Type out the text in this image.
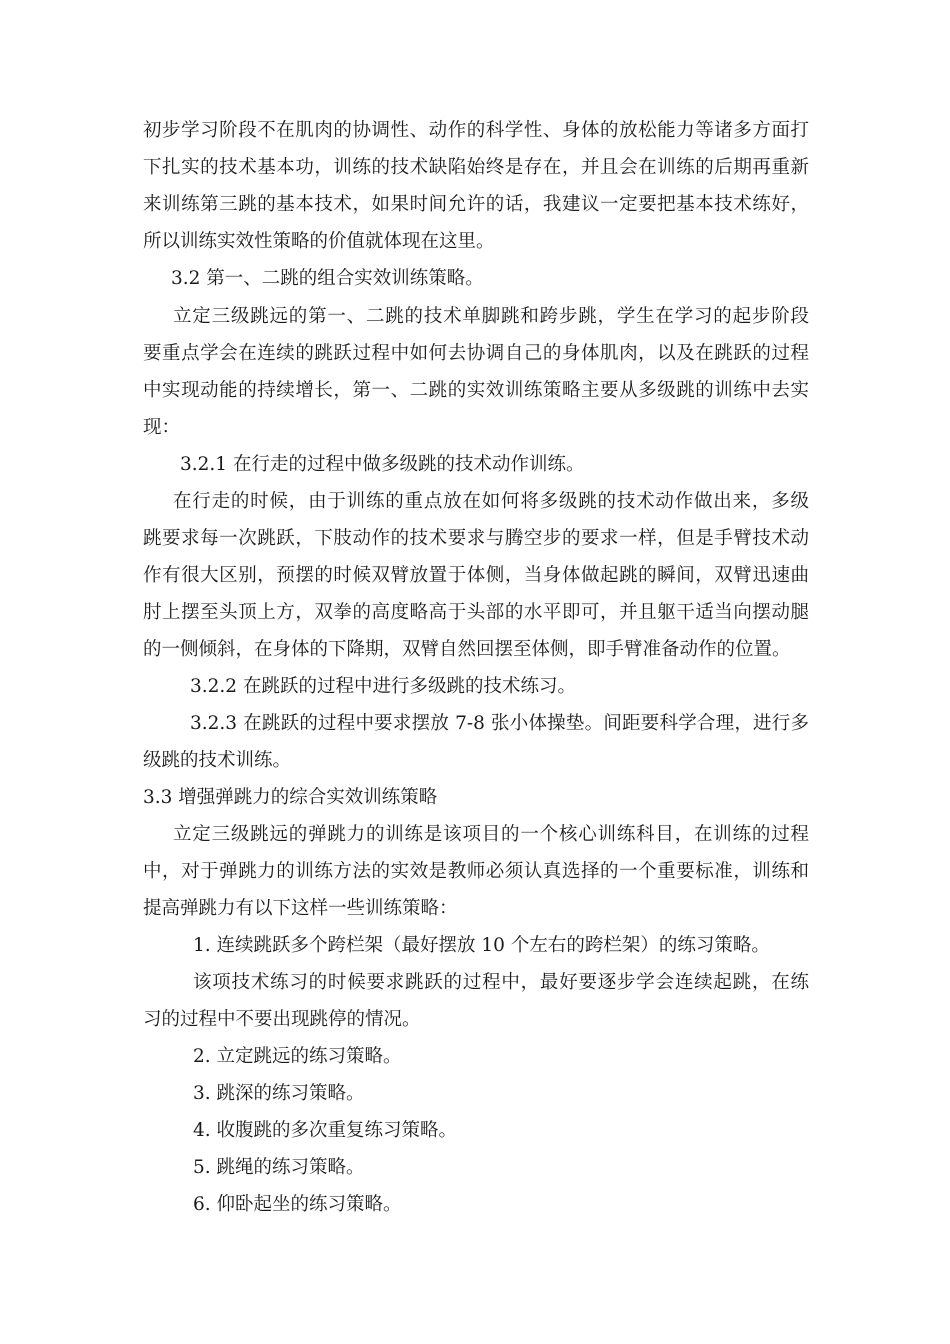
初步学习阶段不在肌肉的协调性、动作的科学性、身体的放松能力等诸多方面打
下扎实的技术基本功，训练的技术缺陷始终是存在，并且会在训练的后期再重新
来训练第三跳的基本技术，如果时间允许的话，我建议一定要把基本技术练好，
所以训练实效性策略的价值就体现在这里。
3.2 第一、二跳的组合实效训练策略。
立定三级跳远的第一、二跳的技术单脚跳和跨步跳，学生在学习的起步阶段
要重点学会在连续的跳跃过程中如何去协调自己的身体肌肉，以及在跳跃的过程
中实现动能的持续增长，第一、二跳的实效训练策略主要从多级跳的训练中去实
现：
3.2.1 在行走的过程中做多级跳的技术动作训练。
在行走的时候，由于训练的重点放在如何将多级跳的技术动作做出来，多级
跳要求每一次跳跃，下肢动作的技术要求与腾空步的要求一样，但是手臂技术动
作有很大区别，预摆的时候双臂放置于体侧，当身体做起跳的瞬间，双臂迅速曲
肘上摆至头顶上方，双拳的高度略高于头部的水平即可，并且躯干适当向摆动腿
的一侧倾斜，在身体的下降期，双臂自然回摆至体侧，即手臂准备动作的位置。
3.2.2 在跳跃的过程中进行多级跳的技术练习。
3.2.3 在跳跃的过程中要求摆放 7-8 张小体操垫。间距要科学合理，进行多
级跳的技术训练。
3.3 增强弹跳力的综合实效训练策略
立定三级跳远的弹跳力的训练是该项目的一个核心训练科目，在训练的过程
中，对于弹跳力的训练方法的实效是教师必须认真选择的一个重要标准，训练和
提高弹跳力有以下这样一些训练策略：
1. 连续跳跃多个跨栏架（最好摆放 10 个左右的跨栏架）的练习策略。
该项技术练习的时候要求跳跃的过程中，最好要逐步学会连续起跳，在练
习的过程中不要出现跳停的情况。
2. 立定跳远的练习策略。
3. 跳深的练习策略。
4. 收腹跳的多次重复练习策略。
5. 跳绳的练习策略。
6. 仰卧起坐的练习策略。
